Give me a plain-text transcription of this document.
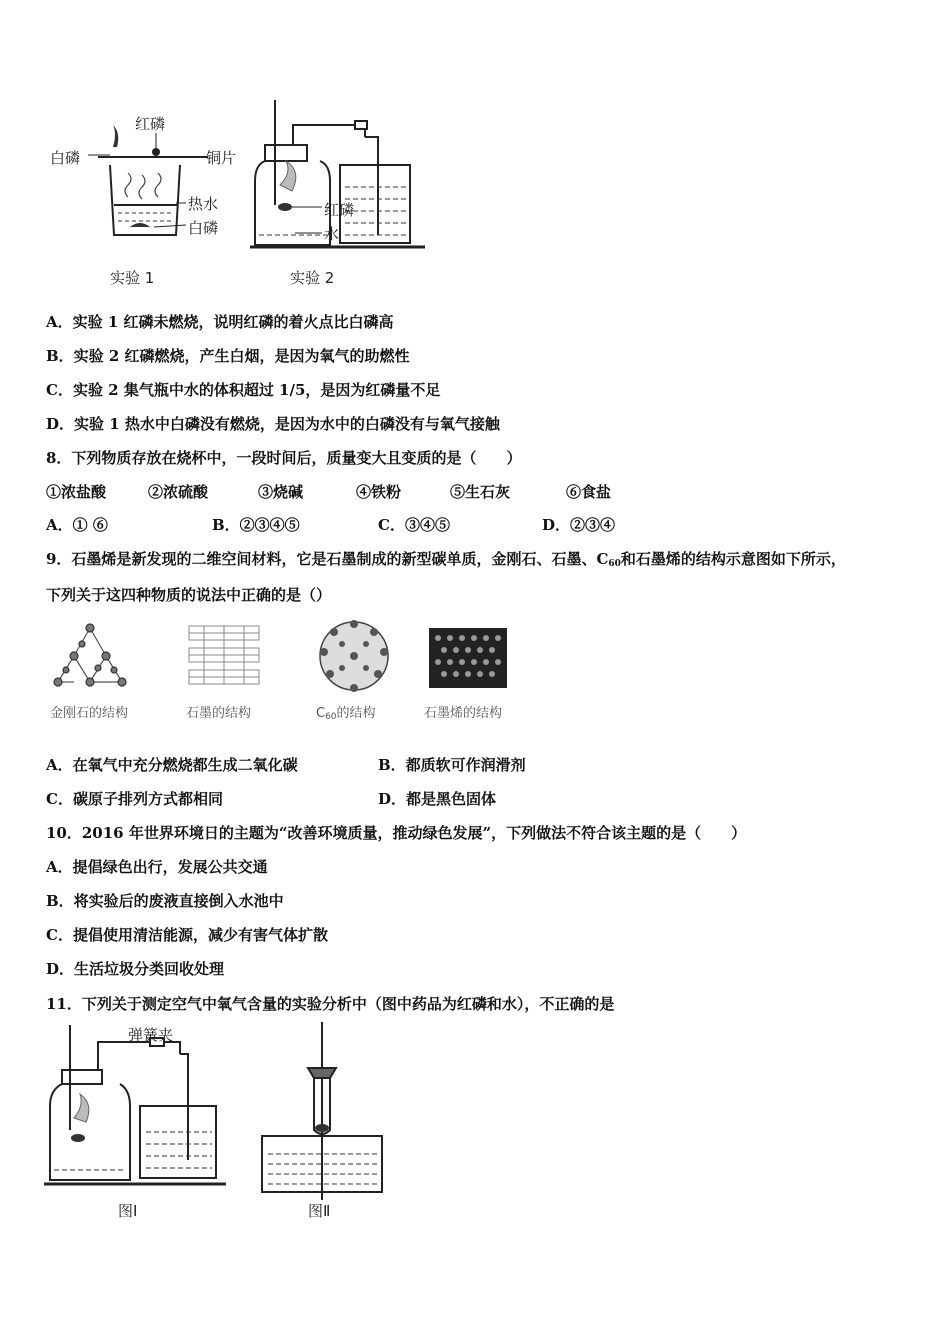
红磷
白磷	铜片
热水
白磷
实验 1
红磷
水
实验 2
A．实验 1 红磷未燃烧，说明红磷的着火点比白磷高
B．实验 2 红磷燃烧，产生白烟，是因为氧气的助燃性
C．实验 2 集气瓶中水的体积超过 1/5，是因为红磷量不足
D．实验 1 热水中白磷没有燃烧，是因为水中的白磷没有与氧气接触
8．下列物质存放在烧杯中，一段时间后，质量变大且变质的是（　　）
①浓盐酸	②浓硫酸	③烧碱	④铁粉	⑤生石灰	⑥食盐
A．① ⑥	B．②③④⑤	C．③④⑤	D．②③④
9．石墨烯是新发现的二维空间材料，它是石墨制成的新型碳单质，金刚石、石墨、$C_{60}$和石墨烯的结构示意图如下所示，
下列关于这四种物质的说法中正确的是（）
金刚石的结构	石墨的结构	$C_{60}$的结构	石墨烯的结构
A．在氧气中充分燃烧都生成二氧化碳	B．都质软可作润滑剂
C．碳原子排列方式都相同	D．都是黑色固体
10．2016 年世界环境日的主题为“改善环境质量，推动绿色发展”，下列做法不符合该主题的是（　　）
A．提倡绿色出行，发展公共交通
B．将实验后的废液直接倒入水池中
C．提倡使用清洁能源，减少有害气体扩散
D．生活垃圾分类回收处理
11．下列关于测定空气中氧气含量的实验分析中（图中药品为红磷和水），不正确的是
弹簧夹
图Ⅰ	图Ⅱ
